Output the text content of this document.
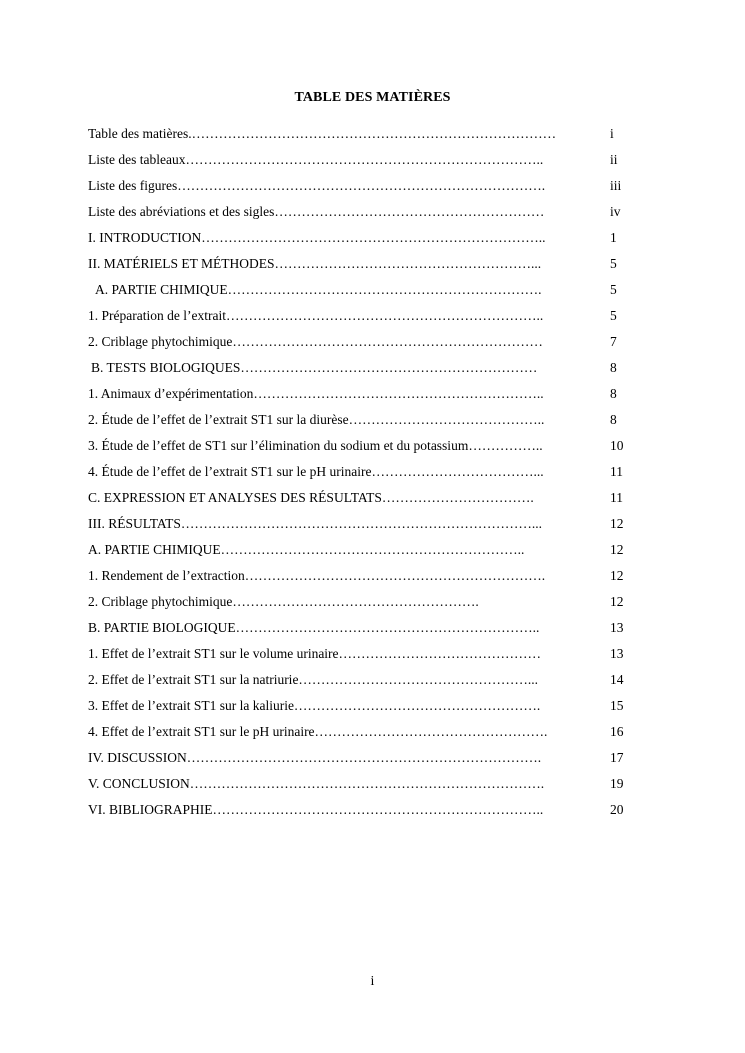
TABLE DES MATIÈRES
Table des matières.………………………………………………………………………	i
Liste des tableaux……………………………………………………………………..	ii
Liste des figures……………………………………………………………………….	iii
Liste des abréviations et des sigles……………………………………………………	iv
I. INTRODUCTION…………………………………………………………………..	1
II. MATÉRIELS ET MÉTHODES…………………………………………………...	5
A. PARTIE CHIMIQUE…………………………………………………………….	5
1. Préparation de l’extrait……………………………………………………………..	5
2. Criblage phytochimique……………………………………………………………	7
B. TESTS BIOLOGIQUES…………………………………………………………	8
1. Animaux d’expérimentation………………………………………………………..	8
2. Étude de l’effet de l’extrait ST1 sur la diurèse……………………………………..	8
3. Étude de l’effet de ST1 sur l’élimination du sodium et du potassium……………..	10
4. Étude de l’effet de l’extrait ST1 sur le pH urinaire………………………………...	11
C. EXPRESSION ET ANALYSES DES RÉSULTATS…………………………….	11
III. RÉSULTATS……………………………………………………………………...	12
A. PARTIE CHIMIQUE…………………………………………………………..	12
1. Rendement de l’extraction………………………………………………………….	12
2. Criblage phytochimique……………………………………………….	12
B. PARTIE BIOLOGIQUE…………………………………………………………..	13
1. Effet de l’extrait ST1 sur le volume urinaire………………………………………	13
2. Effet de l’extrait ST1 sur la natriurie……………………………………………...	14
3. Effet de l’extrait ST1 sur la kaliurie……………………………………………….	15
4. Effet de l’extrait ST1 sur le pH urinaire…………………………………………….	16
IV. DISCUSSION…………………………………………………………………….	17
V. CONCLUSION…………………………………………………………………….	19
VI. BIBLIOGRAPHIE………………………………………………………………..	20
i
